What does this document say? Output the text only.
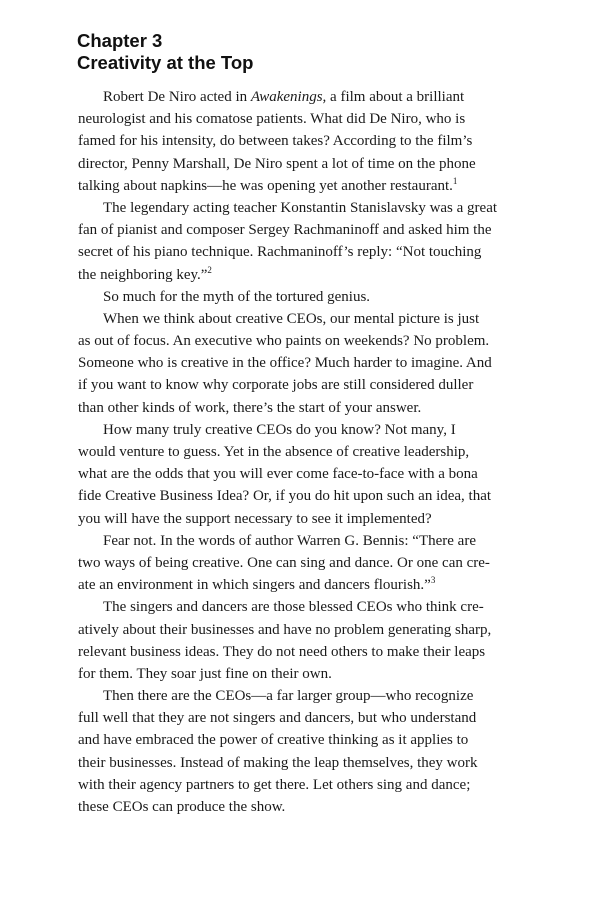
Chapter 3
Creativity at the Top
Robert De Niro acted in Awakenings, a film about a brilliant
neurologist and his comatose patients. What did De Niro, who is
famed for his intensity, do between takes? According to the film’s
director, Penny Marshall, De Niro spent a lot of time on the phone
talking about napkins—he was opening yet another restaurant.$^1$
The legendary acting teacher Konstantin Stanislavsky was a great
fan of pianist and composer Sergey Rachmaninoff and asked him the
secret of his piano technique. Rachmaninoff’s reply: “Not touching
the neighboring key.”$^2$
So much for the myth of the tortured genius.
When we think about creative CEOs, our mental picture is just
as out of focus. An executive who paints on weekends? No problem.
Someone who is creative in the office? Much harder to imagine. And
if you want to know why corporate jobs are still considered duller
than other kinds of work, there’s the start of your answer.
How many truly creative CEOs do you know? Not many, I
would venture to guess. Yet in the absence of creative leadership,
what are the odds that you will ever come face-to-face with a bona
fide Creative Business Idea? Or, if you do hit upon such an idea, that
you will have the support necessary to see it implemented?
Fear not. In the words of author Warren G. Bennis: “There are
two ways of being creative. One can sing and dance. Or one can cre-
ate an environment in which singers and dancers flourish.”$^3$
The singers and dancers are those blessed CEOs who think cre-
atively about their businesses and have no problem generating sharp,
relevant business ideas. They do not need others to make their leaps
for them. They soar just fine on their own.
Then there are the CEOs—a far larger group—who recognize
full well that they are not singers and dancers, but who understand
and have embraced the power of creative thinking as it applies to
their businesses. Instead of making the leap themselves, they work
with their agency partners to get there. Let others sing and dance;
these CEOs can produce the show.
